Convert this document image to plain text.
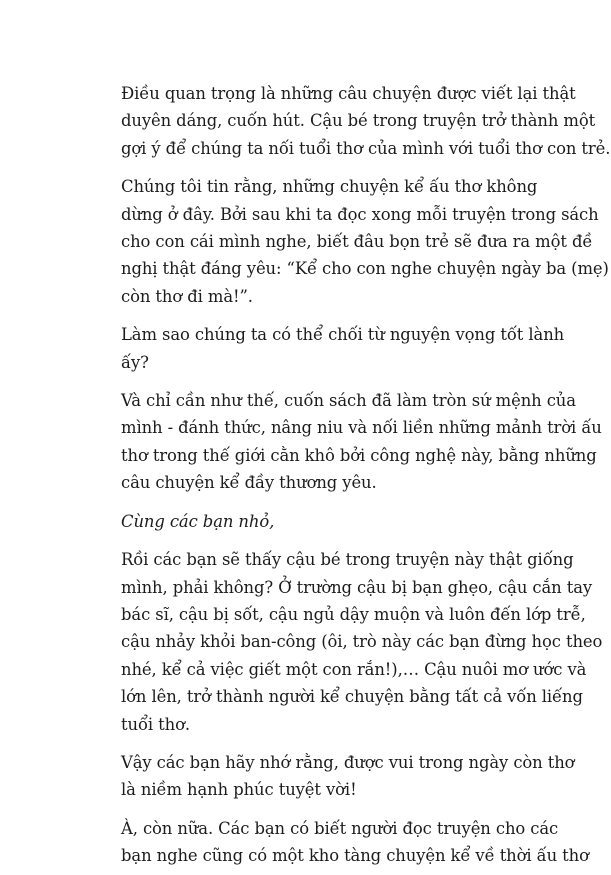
Điều quan trọng là những câu chuyện được viết lại thật
duyên dáng, cuốn hút. Cậu bé trong truyện trở thành một
gợi ý để chúng ta nối tuổi thơ của mình với tuổi thơ con trẻ.

Chúng tôi tin rằng, những chuyện kể ấu thơ không
dừng ở đây. Bởi sau khi ta đọc xong mỗi truyện trong sách
cho con cái mình nghe, biết đâu bọn trẻ sẽ đưa ra một đề
nghị thật đáng yêu: “Kể cho con nghe chuyện ngày ba (mẹ)
còn thơ đi mà!”.

Làm sao chúng ta có thể chối từ nguyện vọng tốt lành
ấy?

Và chỉ cần như thế, cuốn sách đã làm tròn sứ mệnh của
mình - đánh thức, nâng niu và nối liền những mảnh trời ấu
thơ trong thế giới cằn khô bởi công nghệ này, bằng những
câu chuyện kể đầy thương yêu.

Cùng các bạn nhỏ,

Rồi các bạn sẽ thấy cậu bé trong truyện này thật giống
mình, phải không? Ở trường cậu bị bạn ghẹo, cậu cắn tay
bác sĩ, cậu bị sốt, cậu ngủ dậy muộn và luôn đến lớp trễ,
cậu nhảy khỏi ban-công (ôi, trò này các bạn đừng học theo
nhé, kể cả việc giết một con rắn!),… Cậu nuôi mơ ước và
lớn lên, trở thành người kể chuyện bằng tất cả vốn liếng
tuổi thơ.

Vậy các bạn hãy nhớ rằng, được vui trong ngày còn thơ
là niềm hạnh phúc tuyệt vời!

À, còn nữa. Các bạn có biết người đọc truyện cho các
bạn nghe cũng có một kho tàng chuyện kể về thời ấu thơ
